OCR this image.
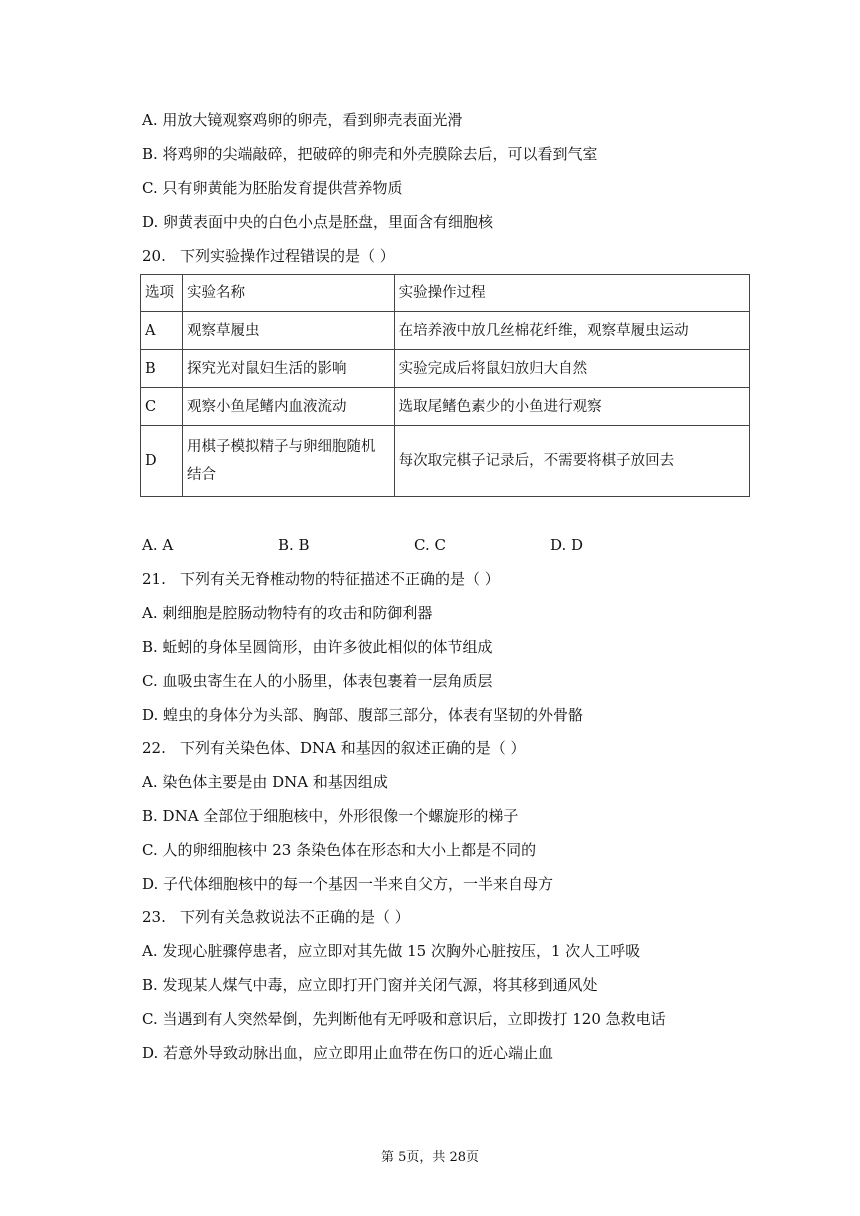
A. 用放大镜观察鸡卵的卵壳，看到卵壳表面光滑
B. 将鸡卵的尖端敲碎，把破碎的卵壳和外壳膜除去后，可以看到气室
C. 只有卵黄能为胚胎发育提供营养物质
D. 卵黄表面中央的白色小点是胚盘，里面含有细胞核
20. 下列实验操作过程错误的是（ ）
选项	实验名称	实验操作过程
A	观察草履虫	在培养液中放几丝棉花纤维，观察草履虫运动
B	探究光对鼠妇生活的影响	实验完成后将鼠妇放归大自然
C	观察小鱼尾鳍内血液流动	选取尾鳍色素少的小鱼进行观察
D	用棋子模拟精子与卵细胞随机结合	每次取完棋子记录后，不需要将棋子放回去
A. A	B. B	C. C	D. D
21. 下列有关无脊椎动物的特征描述不正确的是（ ）
A. 刺细胞是腔肠动物特有的攻击和防御利器
B. 蚯蚓的身体呈圆筒形，由许多彼此相似的体节组成
C. 血吸虫寄生在人的小肠里，体表包裹着一层角质层
D. 蝗虫的身体分为头部、胸部、腹部三部分，体表有坚韧的外骨骼
22. 下列有关染色体、DNA 和基因的叙述正确的是（ ）
A. 染色体主要是由 DNA 和基因组成
B. DNA 全部位于细胞核中，外形很像一个螺旋形的梯子
C. 人的卵细胞核中 23 条染色体在形态和大小上都是不同的
D. 子代体细胞核中的每一个基因一半来自父方，一半来自母方
23. 下列有关急救说法不正确的是（ ）
A. 发现心脏骤停患者，应立即对其先做 15 次胸外心脏按压，1 次人工呼吸
B. 发现某人煤气中毒，应立即打开门窗并关闭气源，将其移到通风处
C. 当遇到有人突然晕倒，先判断他有无呼吸和意识后，立即拨打 120 急救电话
D. 若意外导致动脉出血，应立即用止血带在伤口的近心端止血
第 5页，共 28页
